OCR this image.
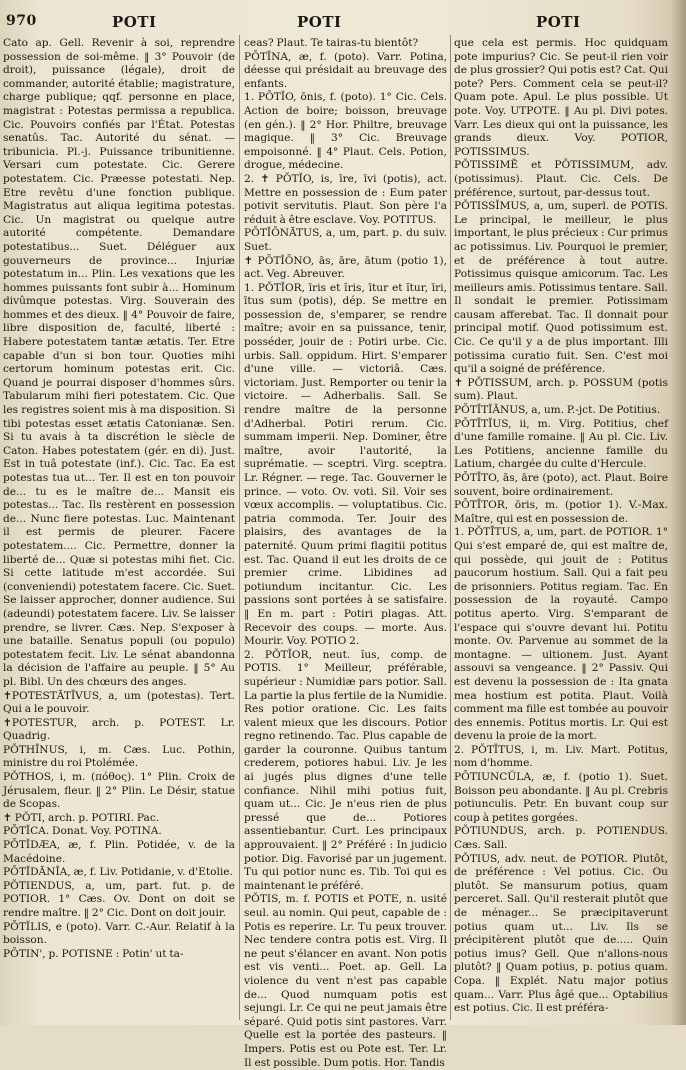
970	POTI	POTI	POTI

Cato ap. Gell. Revenir à soi, reprendre possession de soi-même. ‖ 3° Pouvoir (de droit), puissance (légale), droit de commander, autorité établie; magistrature, charge publique; qqf. personne en place, magistrat : Potestas permissa a republica. Cic. Pouvoirs confiés par l'État. Potestas senatûs. Tac. Autorité du sénat. — tribunicia. Pl.-j. Puissance tribunitienne. Versari cum potestate. Cic. Gerere potestatem. Cic. Præesse potestati. Nep. Etre revêtu d'une fonction publique. Magistratus aut aliqua legitima potestas. Cic. Un magistrat ou quelque autre autorité compétente. Demandare potestatibus... Suet. Déléguer aux gouverneurs de province... Injuriæ potestatum in... Plin. Les vexations que les hommes puissants font subir à... Hominum divûmque potestas. Virg. Souverain des hommes et des dieux. ‖ 4° Pouvoir de faire, libre disposition de, faculté, liberté : Habere potestatem tantæ ætatis. Ter. Etre capable d'un si bon tour. Quoties mihi certorum hominum potestas erit. Cic. Quand je pourrai disposer d'hommes sûrs. Tabularum mihi fieri potestatem. Cic. Que les registres soient mis à ma disposition. Si tibi potestas esset ætatis Catonianæ. Sen. Si tu avais à ta discrétion le siècle de Caton. Habes potestatem (gér. en di). Just. Est in tuâ potestate (inf.). Cic. Tac. Ea est potestas tua ut... Ter. Il est en ton pouvoir de... tu es le maître de... Mansit eis potestas... Tac. Ils restèrent en possession de... Nunc fiere potestas. Luc. Maintenant il est permis de pleurer. Facere potestatem.... Cic. Permettre, donner la liberté de... Quæ si potestas mihi fiet. Cic. Si cette latitude m'est accordée. Sui (conveniendi) potestatem facere. Cic. Suet. Se laisser approcher, donner audience. Sui (adeundi) potestatem facere. Liv. Se laisser prendre, se livrer. Cæs. Nep. S'exposer à une bataille. Senatus populi (ou populo) potestatem fecit. Liv. Le sénat abandonna la décision de l'affaire au peuple. ‖ 5° Au pl. Bibl. Un des chœurs des anges.

✝POTESTĀTĪVUS, a, um (potestas). Tert. Qui a le pouvoir.

✝POTESTUR, arch. p. POTEST. Lr. Quadrig.

PŎTHĪNUS, i, m. Cæs. Luc. Pothin, ministre du roi Ptolémée.

PŎTHOS, i, m. (πόθος). 1° Plin. Croix de Jérusalem, fleur. ‖ 2° Plin. Le Désir, statue de Scopas.

✝ PŎTI, arch. p. POTIRI. Pac.

PŌTĬCA. Donat. Voy. POTINA.

PŌTĬDÆA, æ, f. Plin. Potidée, v. de la Macédoine.

PŌTĬDĀNĬA, æ, f. Liv. Potidanie, v. d'Etolie.

PŎTIENDUS, a, um, part. fut. p. de POTIOR. 1° Cæs. Ov. Dont on doit se rendre maître. ‖ 2° Cic. Dont on doit jouir.

PŌTĬLIS, e (poto). Varr. C.-Aur. Relatif à la boisson.

PŌTIN', p. POTISNE : Potin' ut ta-

ceas? Plaut. Te tairas-tu bientôt?

PŌTĪNA, æ, f. (poto). Varr. Potina, déesse qui présidait au breuvage des enfants.

1. PŌTĬO, ōnis, f. (poto). 1° Cic. Cels. Action de boire; boisson, breuvage (en gén.). ‖ 2° Hor. Philtre, breuvage magique. ‖ 3° Cic. Breuvage empoisonné. ‖ 4° Plaut. Cels. Potion, drogue, médecine.

2. ✝ PŎTĬO, is, īre, īvi (potis), act. Mettre en possession de : Eum pater potivit servitutis. Plaut. Son père l'a réduit à être esclave. Voy. POTITUS.

PŌTĬŌNĀTUS, a, um, part. p. du suiv. Suet.

✝ PŌTĬŌNO, ās, āre, ātum (potio 1), act. Veg. Abreuver.

1. PŎTĬOR, īris et ĭris, ītur et ĭtur, īri, ītus sum (potis), dép. Se mettre en possession de, s'emparer, se rendre maître; avoir en sa puissance, tenir, posséder, jouir de : Potiri urbe. Cic. urbis. Sall. oppidum. Hirt. S'emparer d'une ville. — victoriâ. Cæs. victoriam. Just. Remporter ou tenir la victoire. — Adherbalis. Sall. Se rendre maître de la personne d'Adherbal. Potiri rerum. Cic. summam imperii. Nep. Dominer, être maître, avoir l'autorité, la suprématie. — sceptri. Virg. sceptra. Lr. Régner. — rege. Tac. Gouverner le prince. — voto. Ov. voti. Sil. Voir ses vœux accomplis. — voluptatibus. Cic. patria commoda. Ter. Jouir des plaisirs, des avantages de la paternité. Quum primi flagitii potitus est. Tac. Quand il eut les droits de ce premier crime. Libidines ad potiundum incitantur. Cic. Les passions sont portées à se satisfaire. ‖ En m. part : Potiri plagas. Att. Recevoir des coups. — morte. Aus. Mourir. Voy. POTIO 2.

2. PŎTĬOR, neut. ĭus, comp. de POTIS. 1° Meilleur, préférable, supérieur : Numidiæ pars potior. Sall. La partie la plus fertile de la Numidie. Res potior oratione. Cic. Les faits valent mieux que les discours. Potior regno retinendo. Tac. Plus capable de garder la couronne. Quibus tantum crederem, potiores habui. Liv. Je les ai jugés plus dignes d'une telle confiance. Nihil mihi potius fuit, quam ut... Cic. Je n'eus rien de plus pressé que de... Potiores assentiebantur. Curt. Les principaux approuvaient. ‖ 2° Préféré : In judicio potior. Dig. Favorisé par un jugement. Tu qui potior nunc es. Tib. Toi qui es maintenant le préféré.

PŎTIS, m. f. POTIS et POTE, n. usité seul. au nomin. Qui peut, capable de : Potis es reperire. Lr. Tu peux trouver. Nec tendere contra potis est. Virg. Il ne peut s'élancer en avant. Non potis est vis venti... Poet. ap. Gell. La violence du vent n'est pas capable de... Quod numquam potis est sejungi. Lr. Ce qui ne peut jamais être séparé. Quid potis sint pastores. Varr. Quelle est la portée des pasteurs. ‖ Impers. Potis est ou Pote est. Ter. Lr. Il est possible. Dum potis. Hor. Tandis

que cela est permis. Hoc quidquam pote impurius? Cic. Se peut-il rien voir de plus grossier? Qui potis est? Cat. Qui pote? Pers. Comment cela se peut-il? Quam pote. Apul. Le plus possible. Ut pote. Voy. UTPOTE. ‖ Au pl. Divi potes. Varr. Les dieux qui ont la puissance, les grands dieux. Voy. POTIOR, POTISSIMUS.

PŎTISSIMĒ et PŎTISSIMUM, adv. (potissimus). Plaut. Cic. Cels. De préférence, surtout, par-dessus tout.

PŎTISSĬMUS, a, um, superl. de POTIS. Le principal, le meilleur, le plus important, le plus précieux : Cur primus ac potissimus. Liv. Pourquoi le premier, et de préférence à tout autre. Potissimus quisque amicorum. Tac. Les meilleurs amis. Potissimus tentare. Sall. Il sondait le premier. Potissimam causam afferebat. Tac. Il donnait pour principal motif. Quod potissimum est. Cic. Ce qu'il y a de plus important. Illi potissima curatio fuit. Sen. C'est moi qu'il a soigné de préférence.

✝ PŎTISSUM, arch. p. POSSUM (potis sum). Plaut.

PŌTĪTĬĀNUS, a, um. P.-jct. De Potitius.

PŌTĪTĬUS, ii, m. Virg. Potitius, chef d'une famille romaine. ‖ Au pl. Cic. Liv. Les Potitiens, ancienne famille du Latium, chargée du culte d'Hercule.

PŌTĪTO, ās, āre (poto), act. Plaut. Boire souvent, boire ordinairement.

PŌTĪTOR, ōris, m. (potior 1). V.-Max. Maître, qui est en possession de.

1. PŎTĪTUS, a, um, part. de POTIOR. 1° Qui s'est emparé de, qui est maître de, qui possède, qui jouit de : Potitus paucorum hostium. Sall. Qui a fait peu de prisonniers. Potitus regiam. Tac. En possession de la royauté. Campo potitus aperto. Virg. S'emparant de l'espace qui s'ouvre devant lui. Potitu monte. Ov. Parvenue au sommet de la montagne. — ultionem. Just. Ayant assouvi sa vengeance. ‖ 2° Passiv. Qui est devenu la possession de : Ita gnata mea hostium est potita. Plaut. Voilà comment ma fille est tombée au pouvoir des ennemis. Potitus mortis. Lr. Qui est devenu la proie de la mort.

2. PŎTĪTUS, i, m. Liv. Mart. Potitus, nom d'homme.

PŌTIUNCŬLA, æ, f. (potio 1). Suet. Boisson peu abondante. ‖ Au pl. Crebris potiunculis. Petr. En buvant coup sur coup à petites gorgées.

PŎTIUNDUS, arch. p. POTIENDUS. Cæs. Sall.

PŎTIUS, adv. neut. de POTIOR. Plutôt, de préférence : Vel potius. Cic. Ou plutôt. Se mansurum potius, quam perceret. Sall. Qu'il resterait plutôt que de ménager... Se præcipitaverunt potius quam ut... Liv. Ils se précipitèrent plutôt que de..... Quin potius imus? Gell. Que n'allons-nous plutôt? ‖ Quam potius, p. potius quam. Copa. ‖ Explét. Natu major potius quam... Varr. Plus âgé que... Optabilius est potius. Cic. Il est préféra-
